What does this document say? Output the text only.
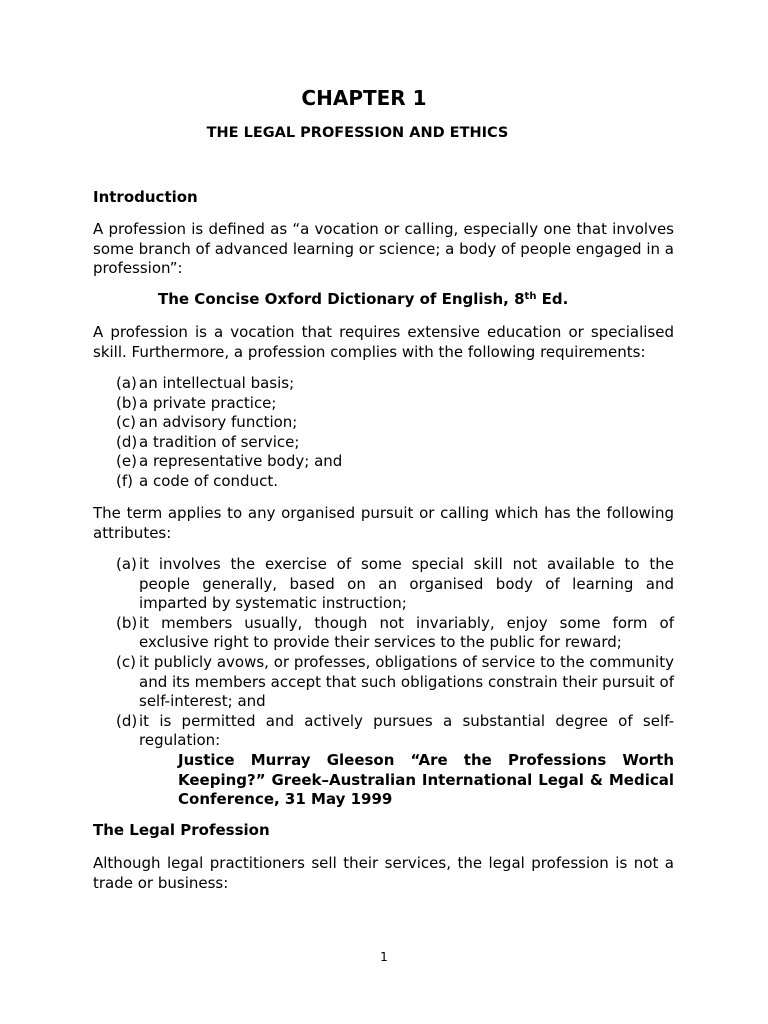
CHAPTER 1
THE LEGAL PROFESSION AND ETHICS
Introduction
A profession is defined as “a vocation or calling, especially one that involves some branch of advanced learning or science; a body of people engaged in a profession”:
The Concise Oxford Dictionary of English, 8th Ed.
A profession is a vocation that requires extensive education or specialised skill. Furthermore, a profession complies with the following requirements:
(a) an intellectual basis;
(b) a private practice;
(c) an advisory function;
(d) a tradition of service;
(e) a representative body; and
(f) a code of conduct.
The term applies to any organised pursuit or calling which has the following attributes:
(a) it involves the exercise of some special skill not available to the people generally, based on an organised body of learning and imparted by systematic instruction;
(b) it members usually, though not invariably, enjoy some form of exclusive right to provide their services to the public for reward;
(c) it publicly avows, or professes, obligations of service to the community and its members accept that such obligations constrain their pursuit of self-interest; and
(d) it is permitted and actively pursues a substantial degree of self-regulation:
Justice Murray Gleeson “Are the Professions Worth Keeping?” Greek–Australian International Legal & Medical Conference, 31 May 1999
The Legal Profession
Although legal practitioners sell their services, the legal profession is not a trade or business:
1
